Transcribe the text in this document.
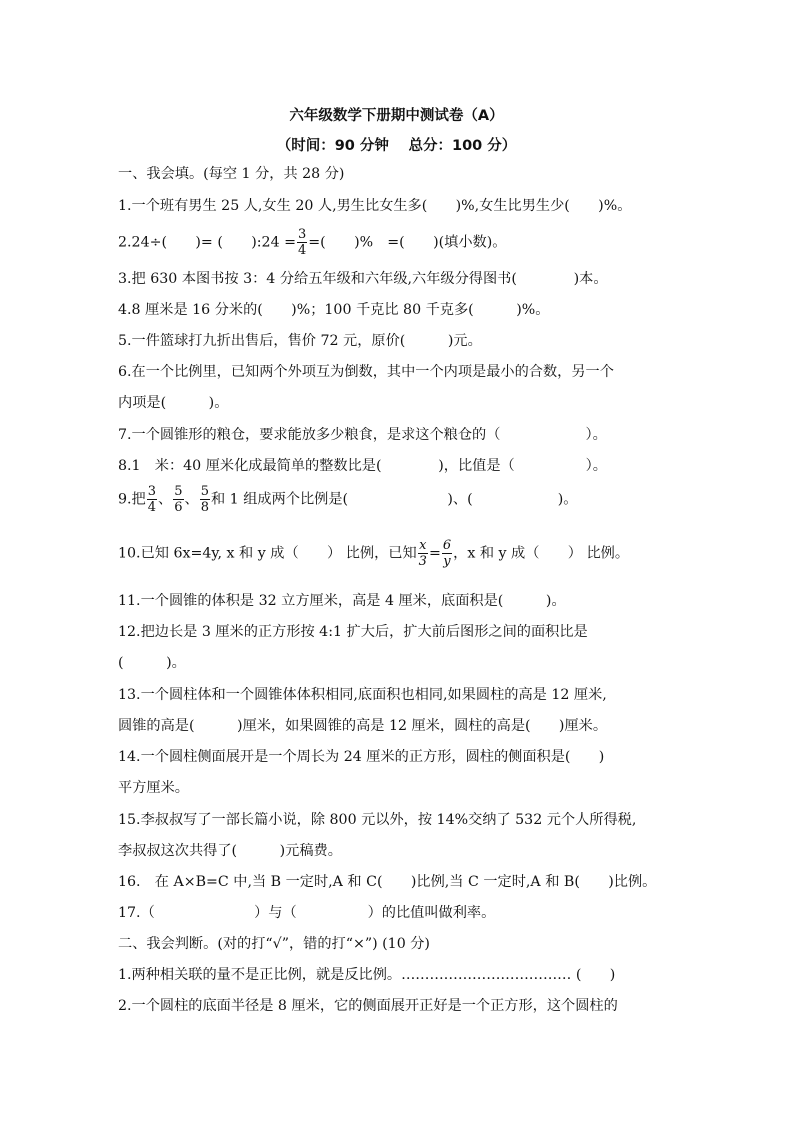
六年级数学下册期中测试卷（A）
（时间：90 分钟　 总分：100 分）
一、我会填。(每空 1 分，共 28 分)
1.一个班有男生 25 人,女生 20 人,男生比女生多(　　)%,女生比男生少(　　)%。
2.24÷(　　)= (　　):24 = $\frac{3}{4}$ =(　　)%　=(　　)(填小数)。
3.把 630 本图书按 3：4 分给五年级和六年级,六年级分得图书(　　　　)本。
4.8 厘米是 16 分米的(　　)%；100 千克比 80 千克多(　　　)%。
5.一件篮球打九折出售后，售价 72 元，原价(　　　)元。
6.在一个比例里，已知两个外项互为倒数，其中一个内项是最小的合数，另一个
内项是(　　　)。
7.一个圆锥形的粮仓，要求能放多少粮食，是求这个粮仓的（　　　　　　）。
8.1　米：40 厘米化成最简单的整数比是(　　　　)，比值是（　　　　　）。
9.把 $\frac{3}{4}$ 、 $\frac{5}{6}$ 、 $\frac{5}{8}$ 和 1 组成两个比例是(　　　　　　　)、(　　　　　　)。
10.已知 6x=4y, x 和 y 成（　　） 比例，已知 $\frac{x}{3} = \frac{6}{y}$ ，x 和 y 成（　　） 比例。
11.一个圆锥的体积是 32 立方厘米，高是 4 厘米，底面积是(　　　)。
12.把边长是 3 厘米的正方形按 4:1 扩大后，扩大前后图形之间的面积比是
(　　　)。
13.一个圆柱体和一个圆锥体体积相同,底面积也相同,如果圆柱的高是 12 厘米,
圆锥的高是(　　　)厘米，如果圆锥的高是 12 厘米，圆柱的高是(　　)厘米。
14.一个圆柱侧面展开是一个周长为 24 厘米的正方形，圆柱的侧面积是(　　)
平方厘米。
15.李叔叔写了一部长篇小说，除 800 元以外，按 14%交纳了 532 元个人所得税,
李叔叔这次共得了(　　　)元稿费。
16.　在 A×B=C 中,当 B 一定时,A 和 C(　　)比例,当 C 一定时,A 和 B(　　)比例。
17.（　　　　　　　）与（　　　　　）的比值叫做利率。
二、我会判断。(对的打“√”，错的打“×”) (10 分)
1.两种相关联的量不是正比例，就是反比例。……………………………… (　　)
2.一个圆柱的底面半径是 8 厘米，它的侧面展开正好是一个正方形，这个圆柱的
